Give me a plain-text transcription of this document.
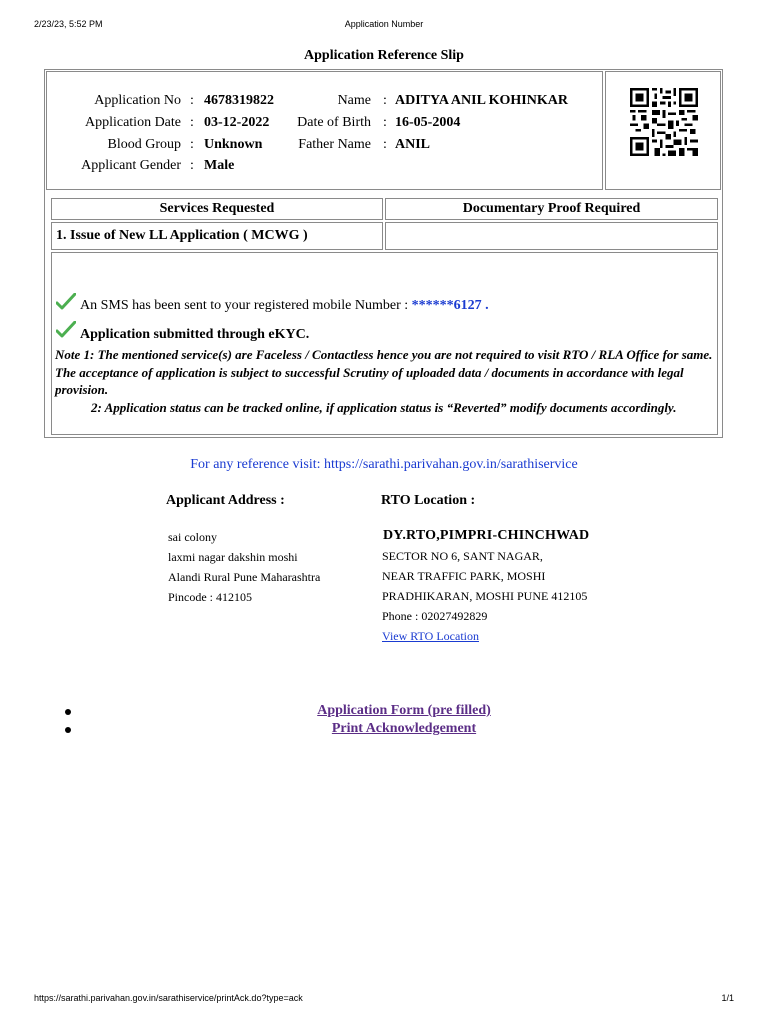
2/23/23, 5:52 PM	Application Number
Application Reference Slip
Application No : 4678319822
Application Date : 03-12-2022
Blood Group : Unknown
Applicant Gender : Male
Name : ADITYA ANIL KOHINKAR
Date of Birth : 16-05-2004
Father Name : ANIL
Services Requested	Documentary Proof Required
1. Issue of New LL Application ( MCWG )
An SMS has been sent to your registered mobile Number : ******6127 .
Application submitted through eKYC.
Note 1: The mentioned service(s) are Faceless / Contactless hence you are not required to visit RTO / RLA Office for same. The acceptance of application is subject to successful Scrutiny of uploaded data / documents in accordance with legal provision.
2: Application status can be tracked online, if application status is “Reverted” modify documents accordingly.
For any reference visit: https://sarathi.parivahan.gov.in/sarathiservice
Applicant Address :	RTO Location :
sai colony
laxmi nagar dakshin moshi
Alandi Rural Pune Maharashtra
Pincode : 412105
DY.RTO,PIMPRI-CHINCHWAD
SECTOR NO 6, SANT NAGAR,
NEAR TRAFFIC PARK, MOSHI
PRADHIKARAN, MOSHI PUNE 412105
Phone : 02027492829
View RTO Location
Application Form (pre filled)
Print Acknowledgement
https://sarathi.parivahan.gov.in/sarathiservice/printAck.do?type=ack	1/1
